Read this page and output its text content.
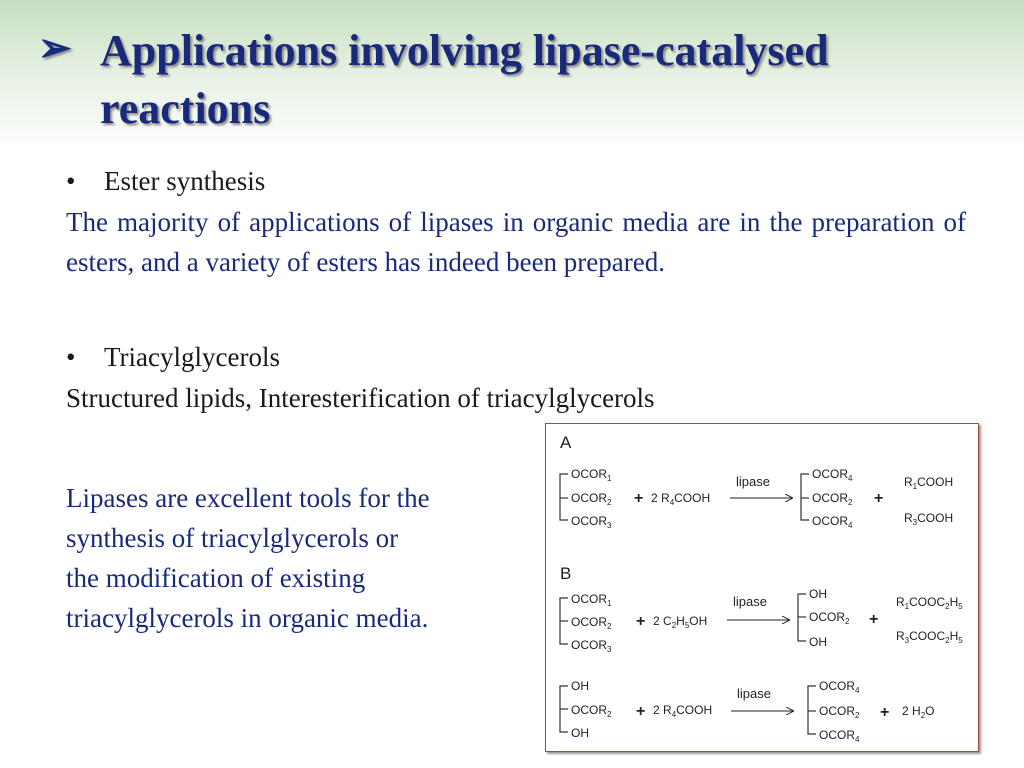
➢ Applications involving lipase-catalysed
reactions
• Ester synthesis
The majority of applications of lipases in organic media are in the preparation of esters, and a variety of esters has indeed been prepared.
• Triacylglycerols
Structured lipids, Interesterification of triacylglycerols
Lipases are excellent tools for the
synthesis of triacylglycerols or
the modification of existing
triacylglycerols in organic media.
A
$OCOR_1$
$OCOR_2$
$OCOR_3$
+ 2 $R_4COOH$
lipase	$OCOR_4$
$OCOR_2$
$OCOR_4$
+
$R_1COOH$
$R_3COOH$
B
$OCOR_1$
$OCOR_2$
$OCOR_3$
+ 2 $C_2H_5OH$
lipase	OH
$OCOR_2$
OH
+
$R_1COOC_2H_5$
$R_3COOC_2H_5$
OH
$OCOR_2$
OH
+ 2 $R_4COOH$
lipase	$OCOR_4$
$OCOR_2$
$OCOR_4$
+ 2 $H_2O$
